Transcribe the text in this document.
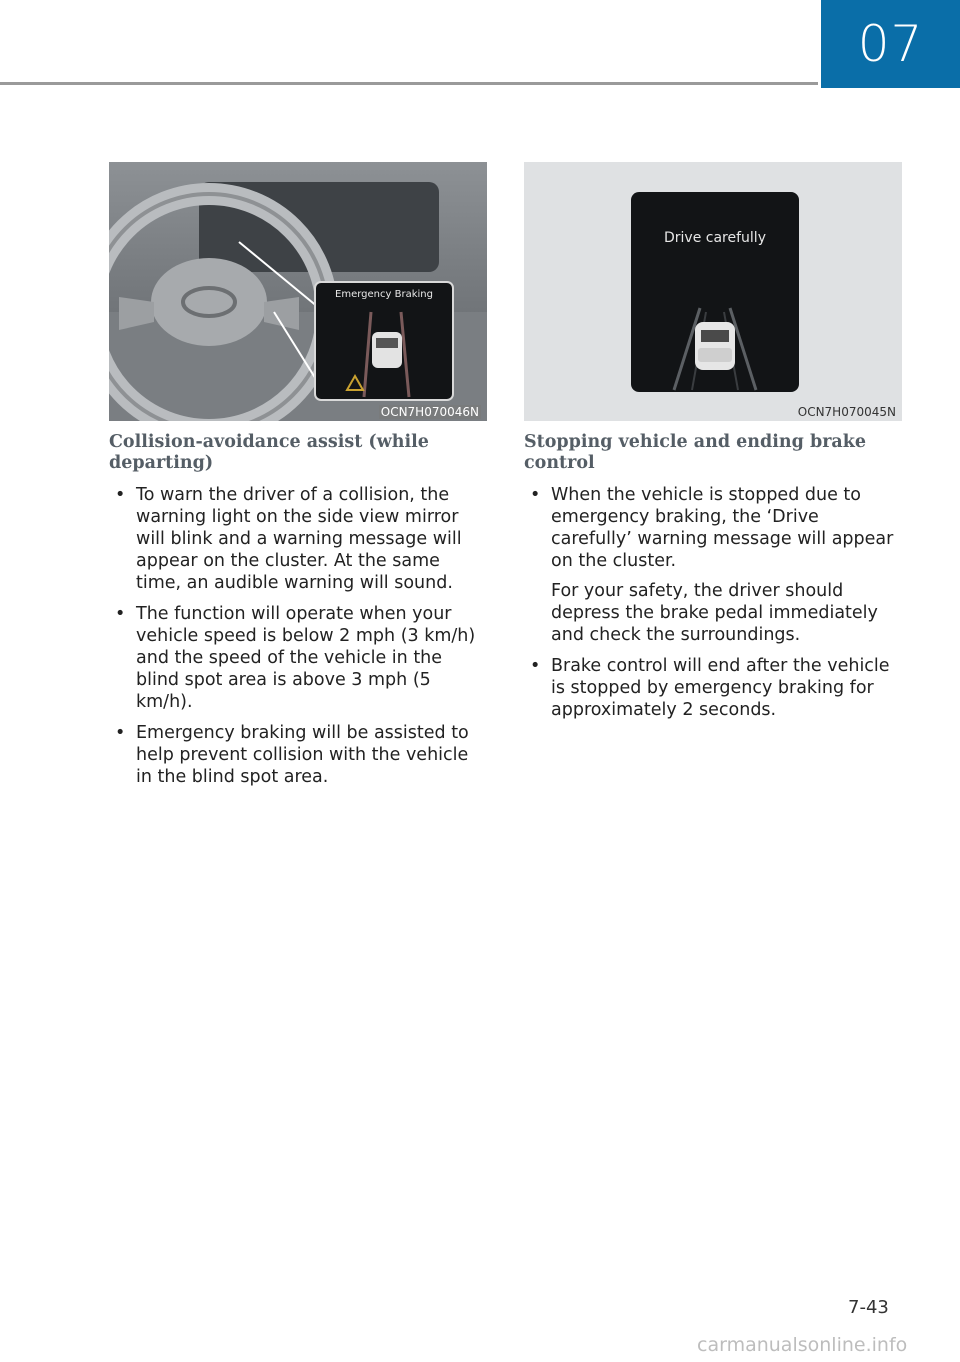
07
Emergency Braking
OCN7H070046N
Drive carefully
OCN7H070045N
Collision-avoidance assist (while departing)
• To warn the driver of a collision, the warning light on the side view mirror will blink and a warning message will appear on the cluster. At the same time, an audible warning will sound.

• The function will operate when your vehicle speed is below 2 mph (3 km/h) and the speed of the vehicle in the blind spot area is above 3 mph (5 km/h).

• Emergency braking will be assisted to help prevent collision with the vehicle in the blind spot area.

Stopping vehicle and ending brake control
• When the vehicle is stopped due to emergency braking, the ‘Drive carefully’ warning message will appear on the cluster.

For your safety, the driver should depress the brake pedal immediately and check the surroundings.

• Brake control will end after the vehicle is stopped by emergency braking for approximately 2 seconds.

7-43
carmanualsonline.info
